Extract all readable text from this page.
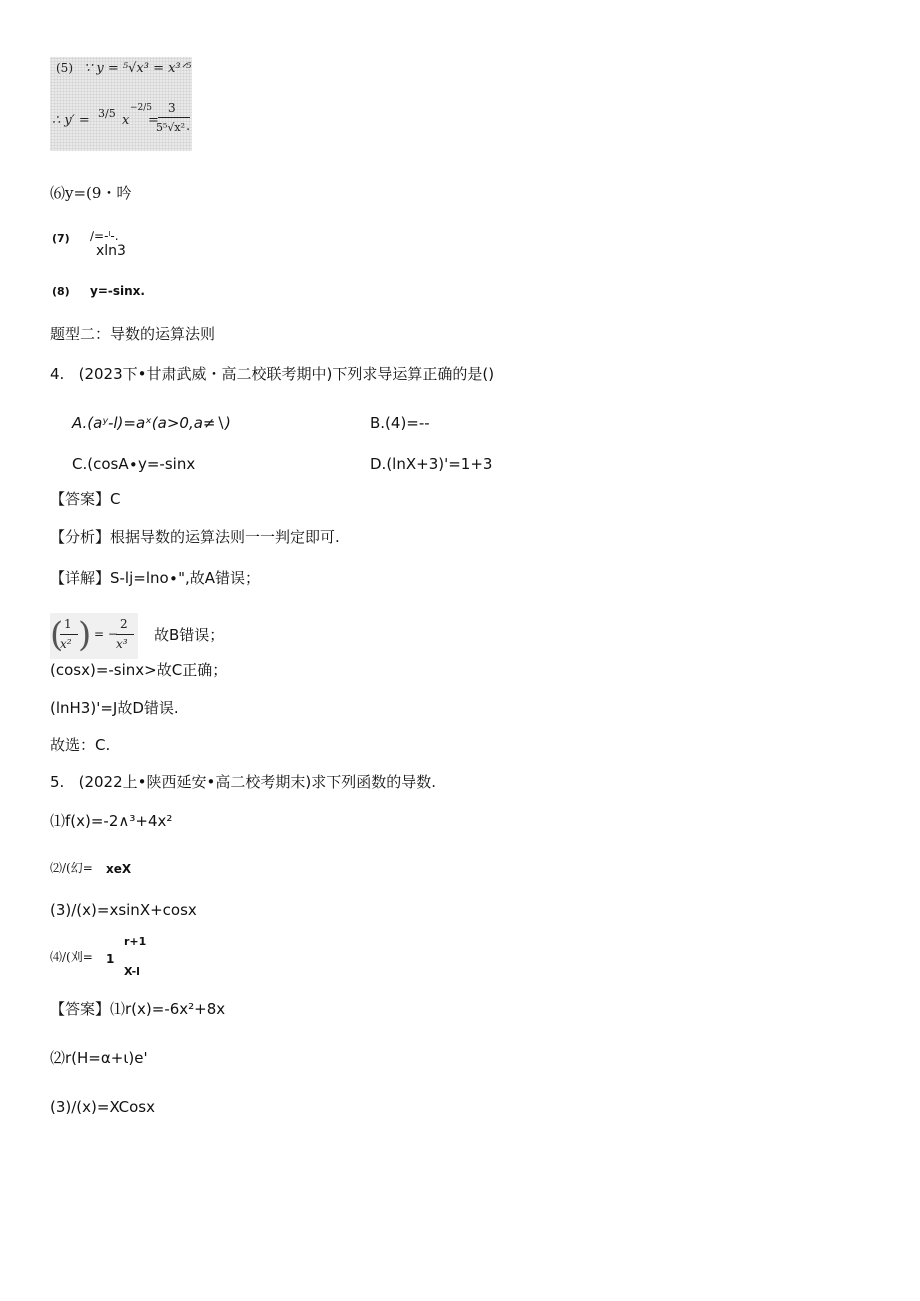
(5) ∵ y = ⁵√x³ = x³ᐟ⁵
∴ y′ = 3/5 x
−2/5
=
3
5⁵√x² .
⑹y=(9・吟
(7) ∕=-ˡ-.
xln3
(8) y=-sinx.
题型二：导数的运算法则
4.   (2023下•甘肃武威・高二校联考期中)下列求导运算正确的是()
A.(aʸ-l)=aˣ(a>0,a≠∖)	B.(4)=--
C.(cosA∙y=-sinx	D.(lnX+3)'=1+3
【答案】C
【分析】根据导数的运算法则一一判定即可.
【详解】S-lj=lno∙",故A错误；
( 1
x² ) = −
2
x³ 故B错误；
(cosx)=-sinx>故C正确；
(lnH3)'=J故D错误.
故选：C.
5.   (2022上•陕西延安•高二校考期末)求下列函数的导数.
⑴f(x)=-2∧³+4x²
⑵/(幻= xeX
(3)/(x)=xsinX+cosx
⑷/(刈= 1
r+1
X-l
【答案】⑴r(x)=-6x²+8x
⑵r(H=α+ι)e'
(3)∕(x)=XCosx
